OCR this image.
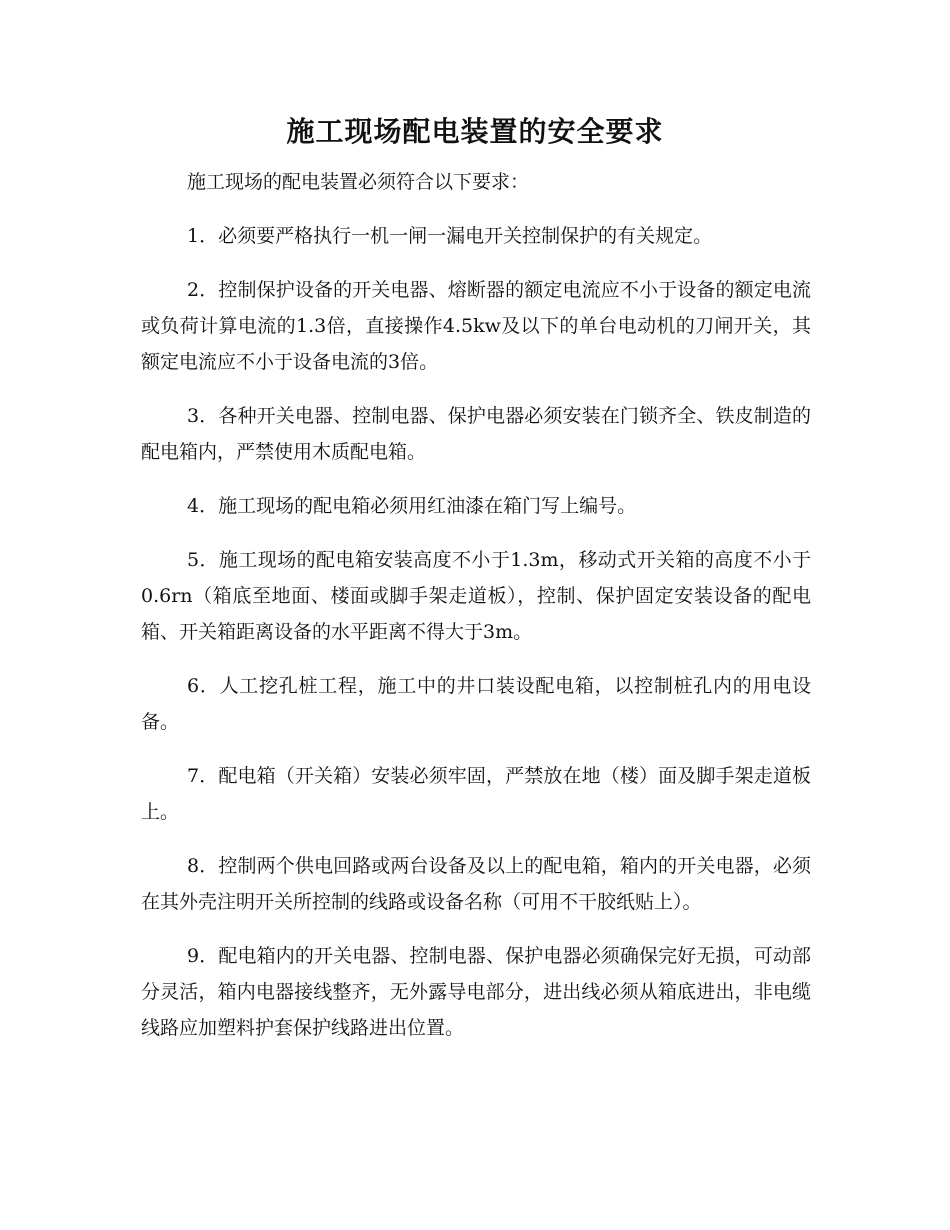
施工现场配电装置的安全要求

施工现场的配电装置必须符合以下要求：

1．必须要严格执行一机一闸一漏电开关控制保护的有关规定。

2．控制保护设备的开关电器、熔断器的额定电流应不小于设备的额定电流或负荷计算电流的1.3倍，直接操作4.5kw及以下的单台电动机的刀闸开关，其额定电流应不小于设备电流的3倍。

3．各种开关电器、控制电器、保护电器必须安装在门锁齐全、铁皮制造的配电箱内，严禁使用木质配电箱。

4．施工现场的配电箱必须用红油漆在箱门写上编号。

5．施工现场的配电箱安装高度不小于1.3m，移动式开关箱的高度不小于0.6rn（箱底至地面、楼面或脚手架走道板），控制、保护固定安装设备的配电箱、开关箱距离设备的水平距离不得大于3m。

6．人工挖孔桩工程，施工中的井口装设配电箱，以控制桩孔内的用电设备。

7．配电箱（开关箱）安装必须牢固，严禁放在地（楼）面及脚手架走道板上。

8．控制两个供电回路或两台设备及以上的配电箱，箱内的开关电器，必须在其外壳注明开关所控制的线路或设备名称（可用不干胶纸贴上）。

9．配电箱内的开关电器、控制电器、保护电器必须确保完好无损，可动部分灵活，箱内电器接线整齐，无外露导电部分，进出线必须从箱底进出，非电缆线路应加塑料护套保护线路进出位置。
